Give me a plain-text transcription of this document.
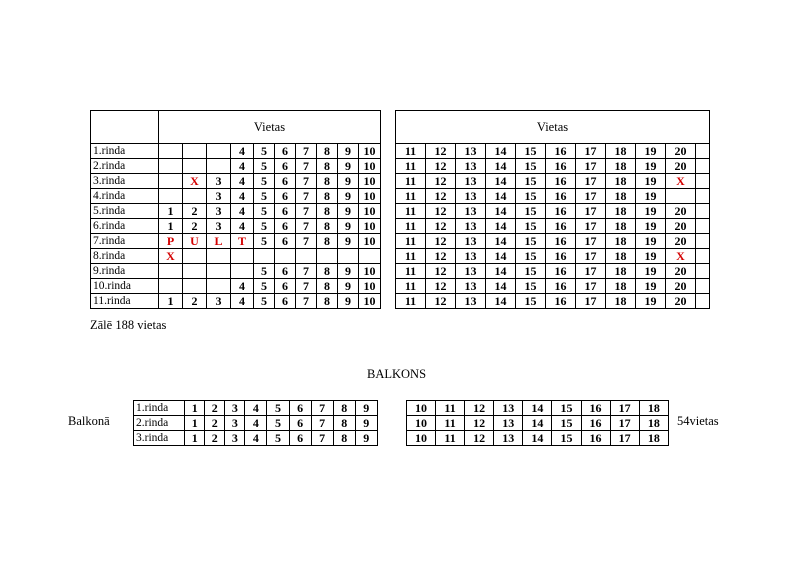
	Vietas											Vietas										
1.rinda				4	5	6	7	8	9	10		11	12	13	14	15	16	17	18	19	20	
2.rinda				4	5	6	7	8	9	10		11	12	13	14	15	16	17	18	19	20	
3.rinda		X	3	4	5	6	7	8	9	10		11	12	13	14	15	16	17	18	19	X	
4.rinda			3	4	5	6	7	8	9	10		11	12	13	14	15	16	17	18	19		
5.rinda	1	2	3	4	5	6	7	8	9	10		11	12	13	14	15	16	17	18	19	20	
6.rinda	1	2	3	4	5	6	7	8	9	10		11	12	13	14	15	16	17	18	19	20	
7.rinda	P	U	L	T	5	6	7	8	9	10		11	12	13	14	15	16	17	18	19	20	
8.rinda	X											11	12	13	14	15	16	17	18	19	X	
9.rinda					5	6	7	8	9	10		11	12	13	14	15	16	17	18	19	20	
10.rinda				4	5	6	7	8	9	10		11	12	13	14	15	16	17	18	19	20	
11.rinda	1	2	3	4	5	6	7	8	9	10		11	12	13	14	15	16	17	18	19	20	
Zālē 188 vietas
BALKONS
Balkonā
1.rinda	1	2	3	4	5	6	7	8	9		10	11	12	13	14	15	16	17	18
2.rinda	1	2	3	4	5	6	7	8	9		10	11	12	13	14	15	16	17	18
3.rinda	1	2	3	4	5	6	7	8	9		10	11	12	13	14	15	16	17	18
54vietas
